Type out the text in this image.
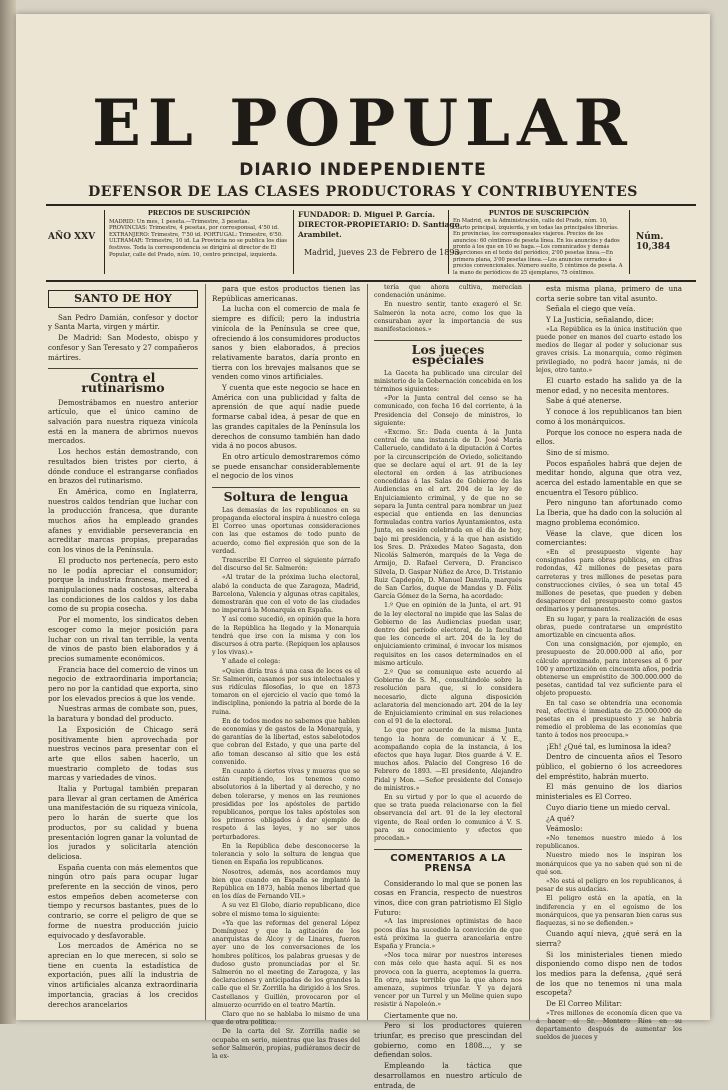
EL POPULAR
DIARIO INDEPENDIENTE
DEFENSOR DE LAS CLASES PRODUCTORAS Y CONTRIBUYENTES
AÑO XXV
PRECIOS DE SUSCRIPCIÓN
MADRID: Un mes, 1 peseta.—Trimestre, 3 pesetas. PROVINCIAS: Trimestre, 4 pesetas, por corresponsal, 4'50 id. EXTRANJERO: Trimestre, 7'50 id. PORTUGAL: Trimestre, 6'50. ULTRAMAR: Trimestre, 10 id. La Provincia no se publica los días festivos. Toda la correspondencia se dirigirá al director de El Popular, calle del Prado, núm. 10, centro principal, izquierda.
FUNDADOR: D. Miguel P. García.
DIRECTOR-PROPIETARIO: D. Santiago Arambilet.
Madrid, jueves 23 de Febrero de 1893.
PUNTOS DE SUSCRIPCIÓN
En Madrid, en la Administración, calle del Prado, núm. 10, cuarto principal, izquierda, y en todas las principales librerías. En provincias, los corresponsales viajeros. Precios de los anuncios: 60 céntimos de peseta línea. En los anuncios y dados pronto á los que en 10 se haga.—Los comunicados y demás inserciones en el texto del periódico, 2'00 pesetas línea.—En primera plana, 3'00 pesetas línea.—Los anuncios cerrados á precios convencionales. Número suelto, 5 céntimos de peseta. A la mano de periódicos de 25 ejemplares, 75 céntimos.
Núm. 10,384
SANTO DE HOY

San Pedro Damián, confesor y doctor y Santa Marta, virgen y mártir.

De Madrid: San Modesto, obispo y confesor y San Teresato y 27 compañeros mártires.

Contra el rutinarismo

Demostrábamos en nuestro anterior artículo, que el único camino de salvación para nuestra riqueza vinícola está en la manera de abrirnos nuevos mercados.

Los hechos están demostrando, con resultados bien tristes por cierto, á dónde conduce el estrangarse confiados en brazos del rutinarismo.

En América, como en Inglaterra, nuestros caldos tendrían que luchar con la producción francesa, que durante muchos años ha empleado grandes afanes y envidiable perseverancia en acreditar marcas propias, preparadas con los vinos de la Península.

El producto nos pertenecía, pero esto no le podía apreciar el consumidor; porque la industria francesa, merced á manipulaciones nada costosas, alteraba las condiciones de los caldos y los daba como de su propia cosecha.

Por el momento, los sindicatos deben escoger como la mejor posición para luchar con un rival tan terrible, la venta de vinos de pasto bien elaborados y á precios sumamente económicos.

Francia hace del comercio de vinos un negocio de extraordinaria importancia; pero no por la cantidad que exporta, sino por los elevados precios á que los vende.

Nuestras armas de combate son, pues, la baratura y bondad del producto.

La Exposición de Chicago será positivamente bien aprovechada por nuestros vecinos para presentar con el arte que ellos saben hacerlo, un muestrario completo de todas sus marcas y variedades de vinos.

Italia y Portugal también preparan para llevar al gran certamen de América una manifestación de su riqueza vinícola, pero lo harán de suerte que los productos, por su calidad y buena presentación logren ganar la voluntad de los jurados y solicitarla atención deliciosa.

España cuenta con más elementos que ningún otro país para ocupar lugar preferente en la sección de vinos, pero estos empeños deben acometerse con tiempo y recursos bastantes, pues de lo contrario, se corre el peligro de que se forme de nuestra producción juicio equivocado y desfavorable.

Los mercados de América no se aprecian en lo que merecen, si solo se tiene en cuenta la estadística de exportación, pues allí la industria de vinos artificiales alcanza extraordinaria importancia, gracias á los crecidos derechos arancelarios

para que estos productos tienen las Repúblicas americanas.

La lucha con el comercio de mala fe siempre es difícil; pero la industria vinícola de la Península se cree que, ofreciendo á los consumidores productos sanos y bien elaborados, á precios relativamente baratos, daría pronto en tierra con los brevajes malsanos que se venden como vinos artificiales.

Y cuenta que este negocio se hace en América con una publicidad y falta de aprensión de que aquí nadie puede formarse cabal idea, á pesar de que en las grandes capitales de la Península los derechos de consumo también han dado vida á no pocos abusos.

En otro artículo demostraremos cómo se puede ensanchar considerablemente el negocio de los vinos

Soltura de lengua

Las demasías de los republicanos en su propaganda electoral inspira á nuestro colega El Correo unas oportunas consideraciones con las que estamos de todo punto de acuerdo, como fiel expresión que son de la verdad.

Transcribe El Correo el siguiente párrafo del discurso del Sr. Salmerón:

«Al tratar de la próxima lucha electoral, alabó la conducta de que Zaragoza, Madrid, Barcelona, Valencia y algunas otras capitales, demostrarán que con el voto de las ciudades no imperará la Monarquía en España.

Y así como sucedió, en opinión que la hora de la República ha llegado y la Monarquía tendrá que irse con la misma y con los discursos á otra parte. (Repiquen los aplausos y los vivas).»

Y añade el colega:

«Quien diría tras á una casa de locos es el Sr. Salmerón, casamos por sus intelectuales y sus ridículas filosofías, lo que en 1873 tomaron en el ejercicio el vacío que tomó la indisciplina, poniendo la patria al borde de la ruina.

En de todos modos no sabemos que hablen de economías y de gastos de la Monarquía, y de garantías de la libertad, estos sabelotodos que cobran del Estado, y que una parte del año toman descanso al sitio que les está convenido.

En cuanto á ciertos vivas y mueras que se están repitiendo, los tenemos como absolutorios á la libertad y al derecho, y no deben tolerarse, y menos en las reuniones presididas por los apóstoles de partido republicanos, porque los tales apóstoles son los primeros obligados á dar ejemplo de respeto á las leyes, y no ser unos perturbadores.

En la República debe desconocerse la tolerancia y solo la soltura de lengua que tienen en España los republicanos.

Nosotros, además, nos acordamos muy bien que cuando en España se implantó la República en 1873, había menos libertad que en los días de Fernando VII.»

A su vez El Globo, diario republicano, dice sobre el mismo tema lo siguiente:

«Ya que las reformas del general López Domínguez y que la agitación de los anarquistas de Alcoy y de Linares, fueron ayer uno de los conversaciones de los hombres políticos, los palabras gruesas y de dudoso gusto pronunciadas por el Sr. Salmerón no el meeting de Zaragoza, y las declaraciones y anticipadas de los grandes la calle que el Sr. Zorrilla ha dirigido á los Sres. Castellanos y Guillén, provocaron por el almuerzo ocurrido en el teatro Martín.

Claro que no se hablaba lo mismo de una que de otra política.

De la carta del Sr. Zorrilla nadie se ocupaba en serio, mientras que las frases del señor Salmerón, propias, pudiéramos decir de la ex-

tería que ahora cultiva, merecían condenación unánime.

En nuestro sentir, tanto exageró el Sr. Salmerón la nota acre, como los que la censuraban ayer la importancia de sus manifestaciones.»

Los jueces especiales

La Gaceta ha publicado una circular del ministerio de la Gobernación concebida en los términos siguientes:

«Por la Junta central del censo se ha comunicado, con fecha 16 del corriente, á la Presidencia del Consejo de ministros, lo siguiente:

«Excmo. Sr.: Dada cuenta á la Junta central de una instancia de D. José María Calleruelo, candidato á la diputación á Cortes por la circunscripción de Oviedo, solicitando que se declare aquí el art. 91 de la ley electoral en orden á las atribuciones concedidas á las Salas de Gobierno de las Audiencias en el art. 204 de la ley de Enjuiciamiento criminal, y de que no se separa la Junta central para nombrar un juez especial que entienda en las denuncias formuladas contra varios Ayuntamientos, esta Junta, en sesión celebrada en el día de hoy, bajo mi presidencia, y á la que han asistido los Sres. D. Práxedes Mateo Sagasta, don Nicolás Salmerón, marqués de la Vega de Armijo, D. Rafael Cervera, D. Francisco Silvela, D. Gaspar Núñez de Arce, D. Tristanio Ruiz Capdepón, D. Manuel Danvila, marqués de San Carlos, duque de Mandas y D. Félix García Gómez de la Serna, ha acordado:

1.º Que en opinión de la Junta, el art. 91 de la ley electoral no impide que las Salas de Gobierno de las Audiencias puedan usar, dentro del período electoral, de la facultad que les concede el art. 204 de la ley de enjuiciamiento criminal, é invocar los mismos requisitos en los casos determinados en el mismo artículo.

2.º Que se comunique este acuerdo al Gobierno de S. M., consultándole sobre la resolución para que, si lo considera necesario, dicte alguna disposición aclaratoria del mencionado art. 204 de la ley de Enjuiciamiento criminal en sus relaciones con el 91 de la electoral.

Lo que por acuerdo de la misma Junta tengo la honra de comunicar á V. E., acompañando copia de la instancia, á los efectos que haya lugar. Dios guarde á V. E. muchos años. Palacio del Congreso 16 de Febrero de 1893. —El presidente, Alejandro Pidal y Mon. —Señor presidente del Consejo de ministros.»

En su virtud y por lo que el acuerdo de que se trata pueda relacionarse con la fiel observancia del art. 91 de la ley electoral vigente, de Real orden lo comunico á V. S. para su conocimiento y efectos que procedan.»

COMENTARIOS A LA PRENSA

Considerando lo mal que se ponen las cosas en Francia, respecto de nuestros vinos, dice con gran patriotismo El Siglo Futuro:

«A las impresiones optimistas de hace pocos días ha sucedido la convicción de que está próxima la guerra arancelaria entre España y Francia.»

«Nos toca mirar por nuestros intereses con más celo que hasta aquí. Si es nos provoca con la guerra, aceptemos la guerra. En otro, más terrible que la que ahora nos amenaza, supimos triunfar. Y ya dejará vencer por un Turrel y un Meline quien supo resistir á Napoleón.»

Ciertamente que no.

Pero si los productores quieren triunfar, es preciso que prescindan del gobierno, como en 1808..., y se defiendan solos.

Empleando la táctica que desarrollamos en nuestro artículo de entrada, de

esta misma plana, primero de una corta serie sobre tan vital asunto.

Señala el ciego que veía.

Y La Justicia, señalando, dice:

«La República es la única institución que puede poner en manos del cuarto estado los medios de llegar al poder y solucionar sus graves crisis. La monarquía, como régimen privilegiado, no podrá hacer jamás, ni de lejos, otro tanto.»

El cuarto estado ha salido ya de la menor edad, y no necesita mentores.

Sabe á qué atenerse.

Y conoce á los republicanos tan bien como á los monárquicos.

Porque los conoce no espera nada de ellos.

Sino de sí mismo.

Pocos españoles habrá que dejen de meditar hondo, alguna que otra vez, acerca del estado lamentable en que se encuentra el Tesoro público.

Pero ninguno tan afortunado como La Iberia, que ha dado con la solución al magno problema económico.

Véase la clave, que dicen los comerciantes:

«En el presupuesto vigente hay consignados para obras públicas, en cifras redondas, 42 millones de pesetas para carreteras y tres millones de pesetas para construcciones civiles, ó sea un total 45 millones de pesetas, que pueden y deben desaparecer del presupuesto como gastos ordinarios y permanentes.

En su lugar, y para la realización de esas obras, puede contratarse un empréstito amortizable en cincuenta años.

Con una consignación, por ejemplo, en presupuesto de 20.000.000 al año, por cálculo aproximado, para intereses al 6 por 100 y amortización en cincuenta años, podría obtenerse un empréstito de 300.000.000 de pesetas, cantidad tal vez suficiente para el objeto propuesto.

En tal caso se obtendría una economía real, efectiva é inmediata de 25.000.000 de pesetas en el presupuesto y se habría remedio el problema de las economías que tanto á todos nos preocupa.»

¡Eh! ¿Qué tal, es luminosa la idea?

Dentro de cincuenta años el Tesoro público, el gobierno ó los acreedores del empréstito, habrán muerto.

El más genuino de los diarios ministeriales es El Correo.

Cuyo diario tiene un miedo cerval.

¿A qué?

Veámoslo:

«No tenemos nuestro miedo á los republicanos.

Nuestro miedo nos le inspiran los monárquicos que ya no saben qué son ni de qué son.

«No está el peligro en los republicanos, á pesar de sus audacias.

El peligro está en la apatía, en la indiferencia y en el egoísmo de los monárquicos, que ya pensaran bien caras sus flaquezas, si no se defienden.»

Cuando aquí nieva, ¿qué será en la sierra?

Si los ministeriales tienen miedo disponiendo como dispo nen de todos los medios para la defensa, ¿qué será de los que no tenemos ni una mala escopeta?

De El Correo Militar:

«Tres millones de economía dicen que va á hacer el Sr. Montero Ríos en su departamento después de aumentar los sueldos de jueces y
